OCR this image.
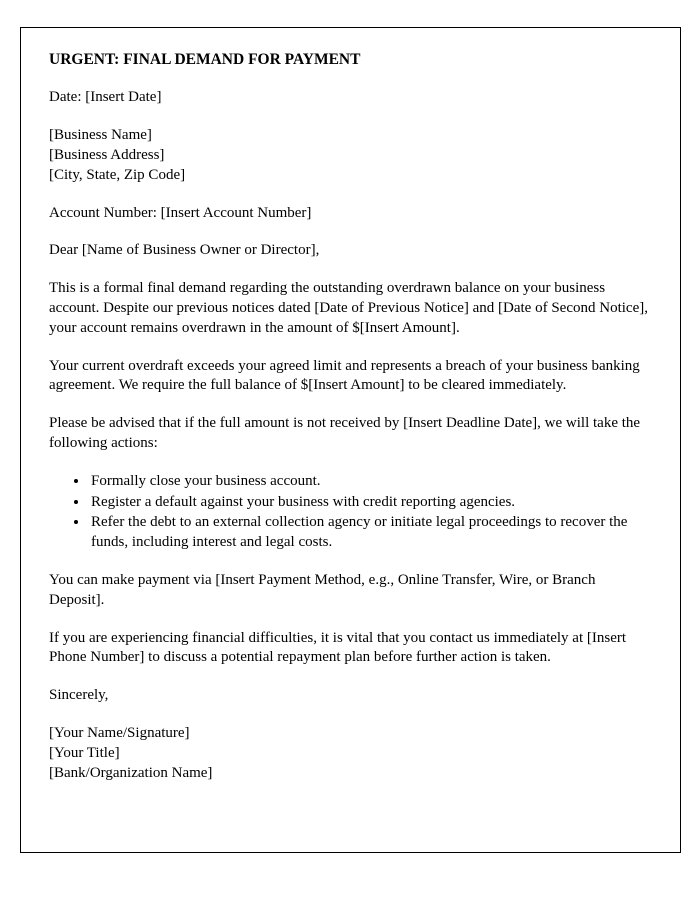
URGENT: FINAL DEMAND FOR PAYMENT

Date: [Insert Date]

[Business Name]

[Business Address]

[City, State, Zip Code]

Account Number: [Insert Account Number]

Dear [Name of Business Owner or Director],

This is a formal final demand regarding the outstanding overdrawn balance on your business account. Despite our previous notices dated [Date of Previous Notice] and [Date of Second Notice], your account remains overdrawn in the amount of $[Insert Amount].

Your current overdraft exceeds your agreed limit and represents a breach of your business banking agreement. We require the full balance of $[Insert Amount] to be cleared immediately.

Please be advised that if the full amount is not received by [Insert Deadline Date], we will take the following actions:

• Formally close your business account.
• Register a default against your business with credit reporting agencies.
• Refer the debt to an external collection agency or initiate legal proceedings to recover the funds, including interest and legal costs.

You can make payment via [Insert Payment Method, e.g., Online Transfer, Wire, or Branch Deposit].

If you are experiencing financial difficulties, it is vital that you contact us immediately at [Insert Phone Number] to discuss a potential repayment plan before further action is taken.

Sincerely,

[Your Name/Signature]

[Your Title]

[Bank/Organization Name]
